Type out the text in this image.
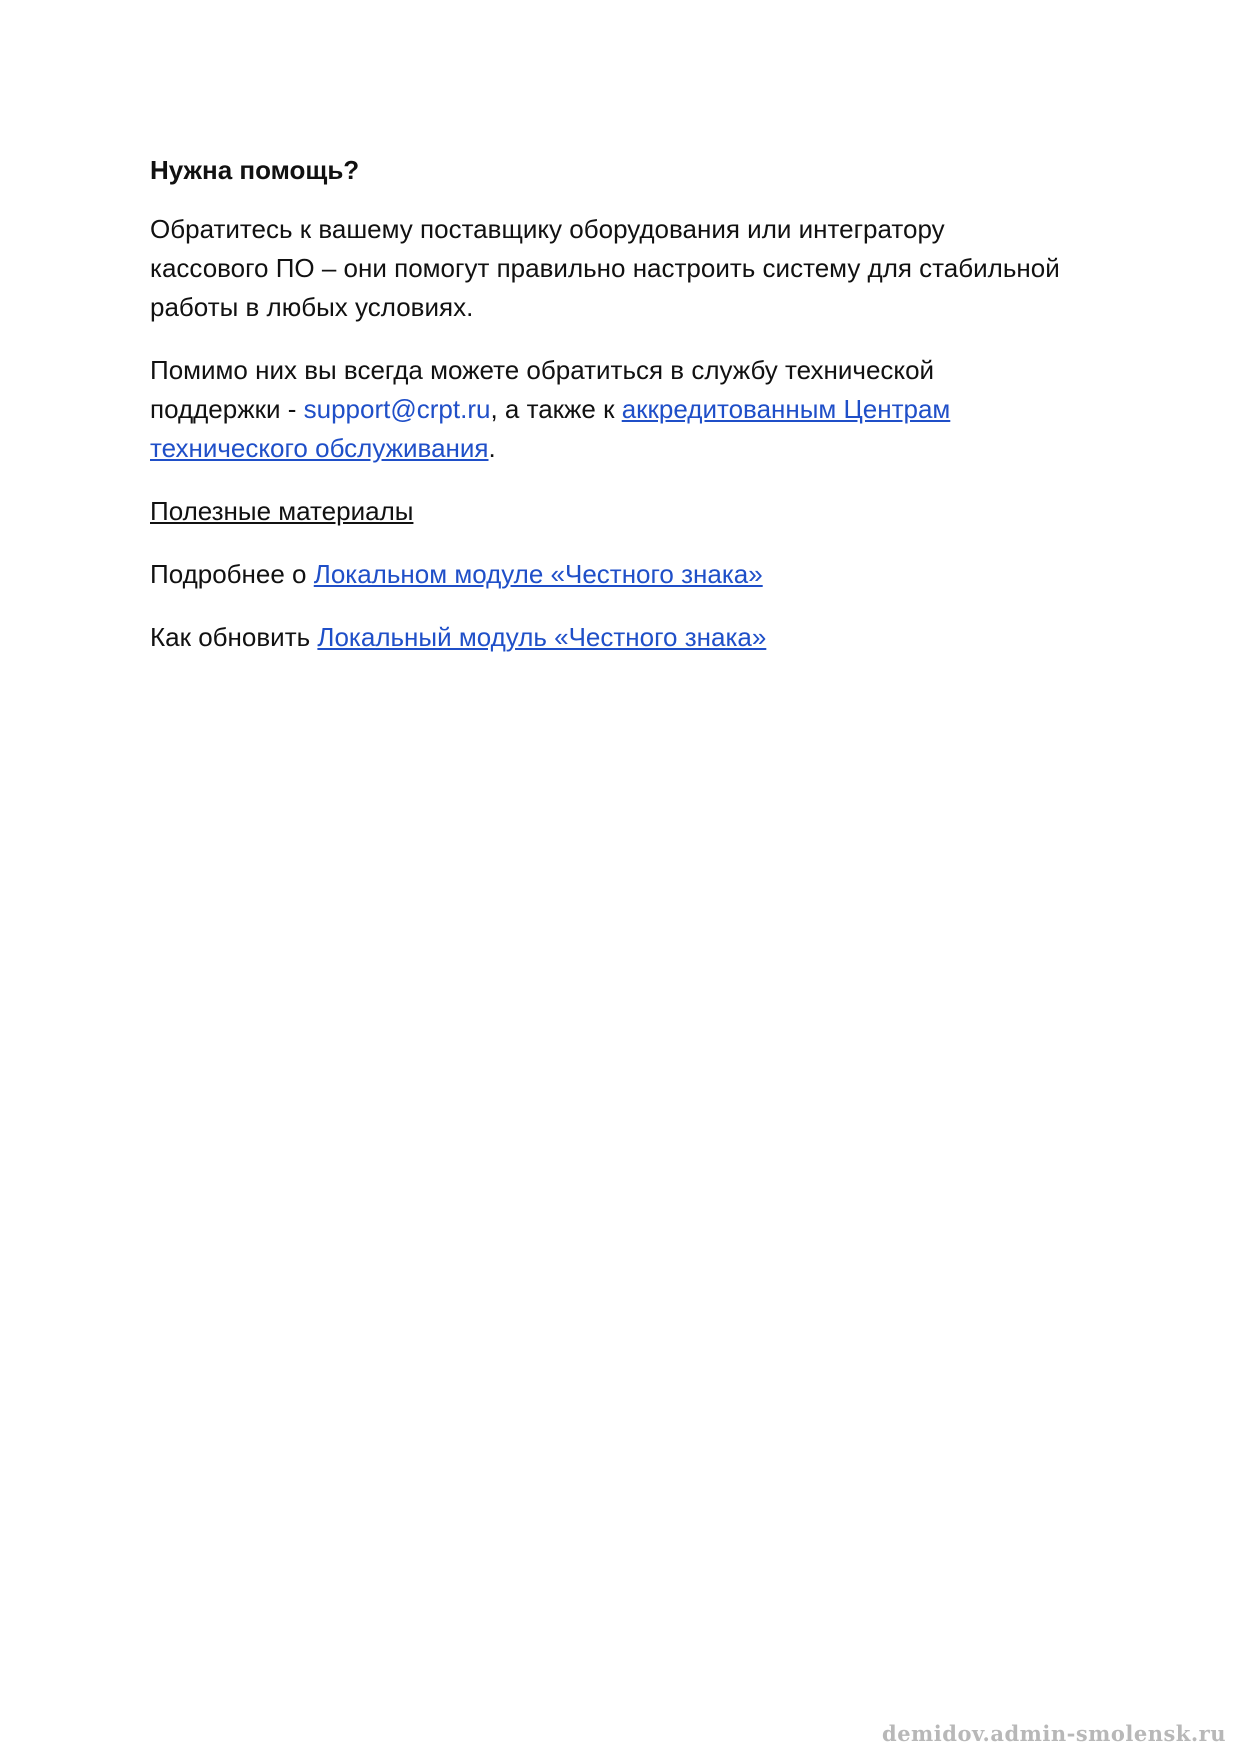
Нужна помощь?

Обратитесь к вашему поставщику оборудования или интегратору
кассового ПО – они помогут правильно настроить систему для стабильной
работы в любых условиях.

Помимо них вы всегда можете обратиться в службу технической
поддержки - support@crpt.ru, а также к аккредитованным Центрам
технического обслуживания.

Полезные материалы

Подробнее о Локальном модуле «Честного знака»

Как обновить Локальный модуль «Честного знака»

demidov.admin-smolensk.ru
